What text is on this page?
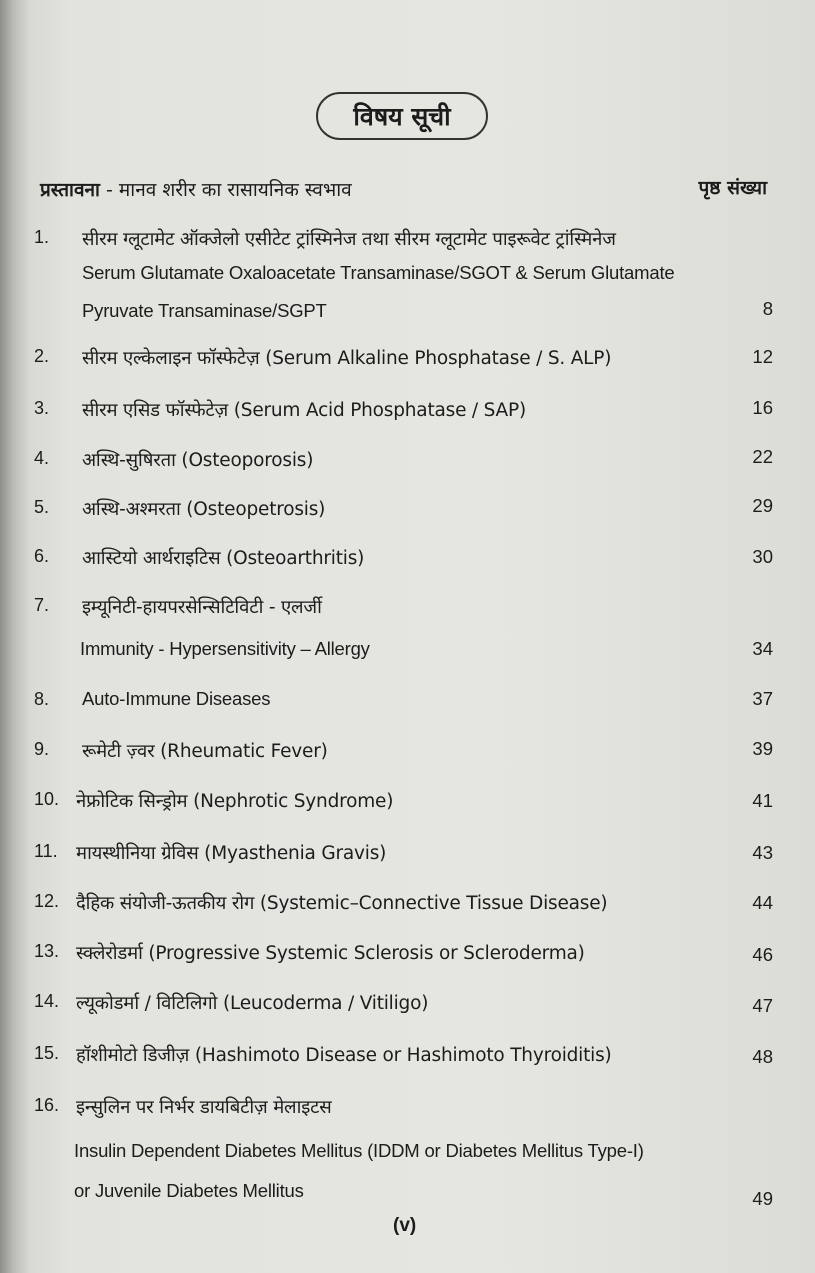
विषय सूची
प्रस्तावना - मानव शरीर का रासायनिक स्वभाव	पृष्ठ संख्या
1. सीरम ग्लूटामेट ऑक्जेलो एसीटेट ट्रांस्मिनेज तथा सीरम ग्लूटामेट पाइरूवेट ट्रांस्मिनेज
Serum Glutamate Oxaloacetate Transaminase/SGOT & Serum Glutamate
Pyruvate Transaminase/SGPT	8
2. सीरम एल्केलाइन फॉस्फेटेज़ (Serum Alkaline Phosphatase / S. ALP)	12
3. सीरम एसिड फॉस्फेटेज़ (Serum Acid Phosphatase / SAP)	16
4. अस्थि-सुषिरता (Osteoporosis)	22
5. अस्थि-अश्मरता (Osteopetrosis)	29
6. आस्टियो आर्थराइटिस (Osteoarthritis)	30
7. इम्यूनिटी-हायपरसेन्सिटिविटी - एलर्जी
Immunity - Hypersensitivity – Allergy	34
8. Auto-Immune Diseases	37
9. रूमेटी ज़्वर (Rheumatic Fever)	39
10. नेफ्रोटिक सिन्ड्रोम (Nephrotic Syndrome)	41
11. मायस्थीनिया ग्रेविस (Myasthenia Gravis)	43
12. दैहिक संयोजी-ऊतकीय रोग (Systemic–Connective Tissue Disease)	44
13. स्क्लेरोडर्मा (Progressive Systemic Sclerosis or Scleroderma)	46
14. ल्यूकोडर्मा / विटिलिगो (Leucoderma / Vitiligo)	47
15. हॉशीमोटो डिजीज़ (Hashimoto Disease or Hashimoto Thyroiditis)	48
16. इन्सुलिन पर निर्भर डायबिटीज़ मेलाइटस
Insulin Dependent Diabetes Mellitus (IDDM or Diabetes Mellitus Type-I)
or Juvenile Diabetes Mellitus	49
(v)
